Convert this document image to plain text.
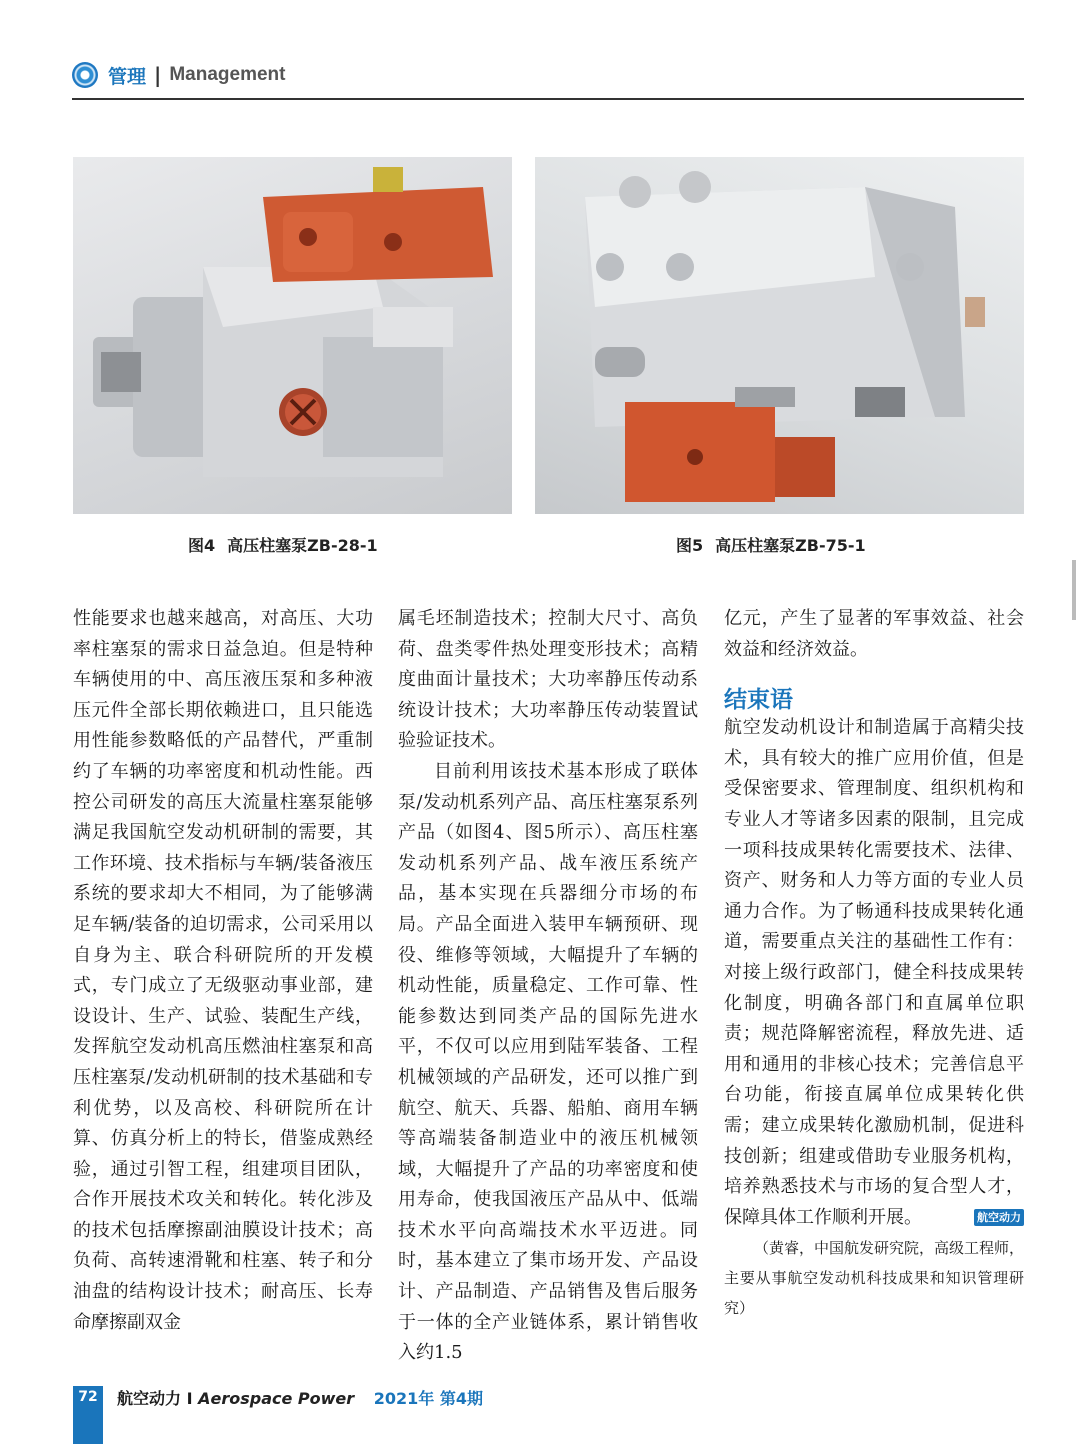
管理 | Management
图4 高压柱塞泵ZB-28-1	图5 高压柱塞泵ZB-75-1

性能要求也越来越高，对高压、大功率柱塞泵的需求日益急迫。但是特种车辆使用的中、高压液压泵和多种液压元件全部长期依赖进口，且只能选用性能参数略低的产品替代，严重制约了车辆的功率密度和机动性能。西控公司研发的高压大流量柱塞泵能够满足我国航空发动机研制的需要，其工作环境、技术指标与车辆/装备液压系统的要求却大不相同，为了能够满足车辆/装备的迫切需求，公司采用以自身为主、联合科研院所的开发模式，专门成立了无级驱动事业部，建设设计、生产、试验、装配生产线，发挥航空发动机高压燃油柱塞泵和高压柱塞泵/发动机研制的技术基础和专利优势，以及高校、科研院所在计算、仿真分析上的特长，借鉴成熟经验，通过引智工程，组建项目团队，合作开展技术攻关和转化。转化涉及的技术包括摩擦副油膜设计技术；高负荷、高转速滑靴和柱塞、转子和分油盘的结构设计技术；耐高压、长寿命摩擦副双金

属毛坯制造技术；控制大尺寸、高负荷、盘类零件热处理变形技术；高精度曲面计量技术；大功率静压传动系统设计技术；大功率静压传动装置试验验证技术。

目前利用该技术基本形成了联体泵/发动机系列产品、高压柱塞泵系列产品（如图4、图5所示）、高压柱塞发动机系列产品、战车液压系统产品，基本实现在兵器细分市场的布局。产品全面进入装甲车辆预研、现役、维修等领域，大幅提升了车辆的机动性能，质量稳定、工作可靠、性能参数达到同类产品的国际先进水平，不仅可以应用到陆军装备、工程机械领域的产品研发，还可以推广到航空、航天、兵器、船舶、商用车辆等高端装备制造业中的液压机械领域，大幅提升了产品的功率密度和使用寿命，使我国液压产品从中、低端技术水平向高端技术水平迈进。同时，基本建立了集市场开发、产品设计、产品制造、产品销售及售后服务于一体的全产业链体系，累计销售收入约1.5

亿元，产生了显著的军事效益、社会效益和经济效益。

结束语

航空发动机设计和制造属于高精尖技术，具有较大的推广应用价值，但是受保密要求、管理制度、组织机构和专业人才等诸多因素的限制，且完成一项科技成果转化需要技术、法律、资产、财务和人力等方面的专业人员通力合作。为了畅通科技成果转化通道，需要重点关注的基础性工作有：对接上级行政部门，健全科技成果转化制度，明确各部门和直属单位职责；规范降解密流程，释放先进、适用和通用的非核心技术；完善信息平台功能，衔接直属单位成果转化供需；建立成果转化激励机制，促进科技创新；组建或借助专业服务机构，培养熟悉技术与市场的复合型人才，保障具体工作顺利开展。	航空动力

（黄睿，中国航发研究院，高级工程师，主要从事航空发动机科技成果和知识管理研究）

72	航空动力 I Aerospace Power 2021年 第4期
